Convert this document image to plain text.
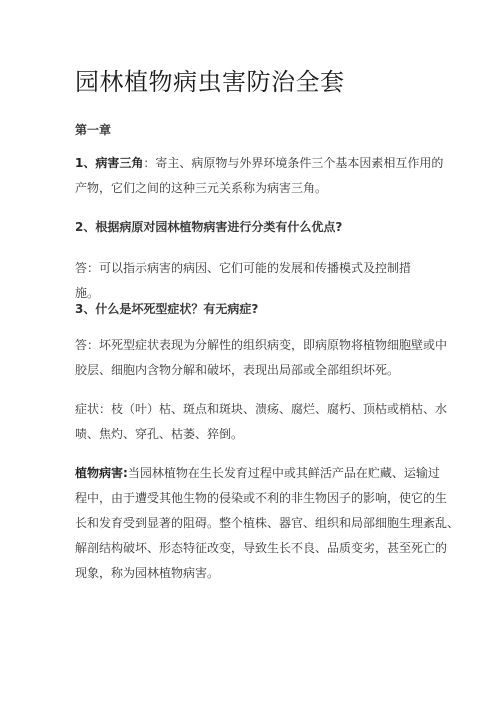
园林植物病虫害防治全套
第一章
1、病害三角：寄主、病原物与外界环境条件三个基本因素相互作用的
产物，它们之间的这种三元关系称为病害三角。
2、根据病原对园林植物病害进行分类有什么优点?
答：可以指示病害的病因、它们可能的发展和传播模式及控制措施。
3、什么是坏死型症状？有无病症?
答：坏死型症状表现为分解性的组织病变，即病原物将植物细胞壁或中
胶层、细胞内含物分解和破坏，表现出局部或全部组织坏死。
症状：枝（叶）枯、斑点和斑块、溃疡、腐烂、腐朽、顶枯或梢枯、水
啧、焦灼、穿孔、枯萎、猝倒。
植物病害:当园林植物在生长发育过程中或其鲜活产品在贮藏、运输过
程中，由于遭受其他生物的侵染或不利的非生物因子的影响，使它的生
长和发育受到显著的阻碍。整个植株、器官、组织和局部细胞生理紊乱、
解剖结构破坏、形态特征改变，导致生长不良、品质变劣，甚至死亡的
现象，称为园林植物病害。
